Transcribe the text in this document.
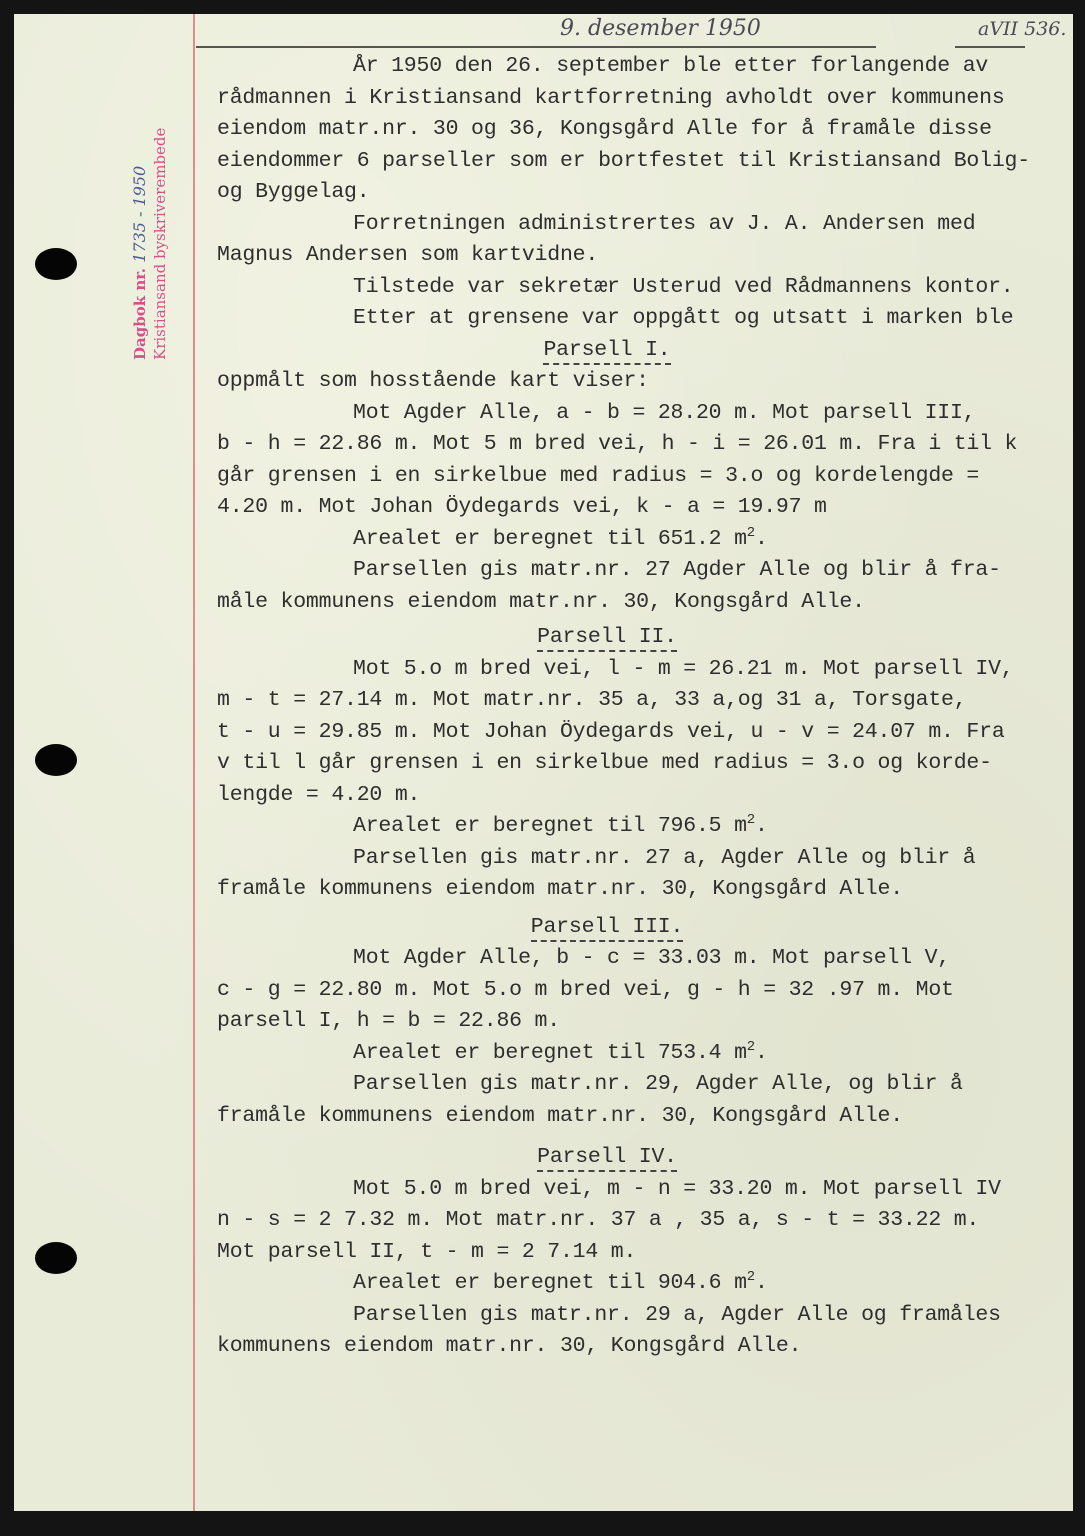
9. desember 1950	aVII 536.
Dagbok nr. 1735 - 1950 Kristiansand byskriverembede
År 1950 den 26. september ble etter forlangende av
rådmannen i Kristiansand kartforretning avholdt over kommunens
eiendom matr.nr. 30 og 36, Kongsgård Alle for å framåle disse
eiendommer 6 parseller som er bortfestet til Kristiansand Bolig-
og Byggelag.
Forretningen administrertes av J. A. Andersen med
Magnus Andersen som kartvidne.
Tilstede var sekretær Usterud ved Rådmannens kontor.
Etter at grensene var oppgått og utsatt i marken ble
Parsell I.
oppmålt som hosstående kart viser:
Mot Agder Alle, a - b = 28.20 m. Mot parsell III,
b - h = 22.86 m. Mot 5 m bred vei, h - i = 26.01 m. Fra i til k
går grensen i en sirkelbue med radius = 3.o og kordelengde =
4.20 m. Mot Johan Öydegards vei, k - a = 19.97 m
Arealet er beregnet til 651.2 $m^2$.
Parsellen gis matr.nr. 27 Agder Alle og blir å fra-
måle kommunens eiendom matr.nr. 30, Kongsgård Alle.
Parsell II.
Mot 5.o m bred vei, l - m = 26.21 m. Mot parsell IV,
m - t = 27.14 m. Mot matr.nr. 35 a, 33 a,og 31 a, Torsgate,
t - u = 29.85 m. Mot Johan Öydegards vei, u - v = 24.07 m. Fra
v til l går grensen i en sirkelbue med radius = 3.o og korde-
lengde = 4.20 m.
Arealet er beregnet til 796.5 $m^2$.
Parsellen gis matr.nr. 27 a, Agder Alle og blir å
framåle kommunens eiendom matr.nr. 30, Kongsgård Alle.
Parsell III.
Mot Agder Alle, b - c = 33.03 m. Mot parsell V,
c - g = 22.80 m. Mot 5.o m bred vei, g - h = 32 .97 m. Mot
parsell I, h = b = 22.86 m.
Arealet er beregnet til 753.4 $m^2$.
Parsellen gis matr.nr. 29, Agder Alle, og blir å
framåle kommunens eiendom matr.nr. 30, Kongsgård Alle.
Parsell IV.
Mot 5.0 m bred vei, m - n = 33.20 m. Mot parsell IV
n - s = 2 7.32 m. Mot matr.nr. 37 a , 35 a, s - t = 33.22 m.
Mot parsell II, t - m = 2 7.14 m.
Arealet er beregnet til 904.6 $m^2$.
Parsellen gis matr.nr. 29 a, Agder Alle og framåles
kommunens eiendom matr.nr. 30, Kongsgård Alle.
